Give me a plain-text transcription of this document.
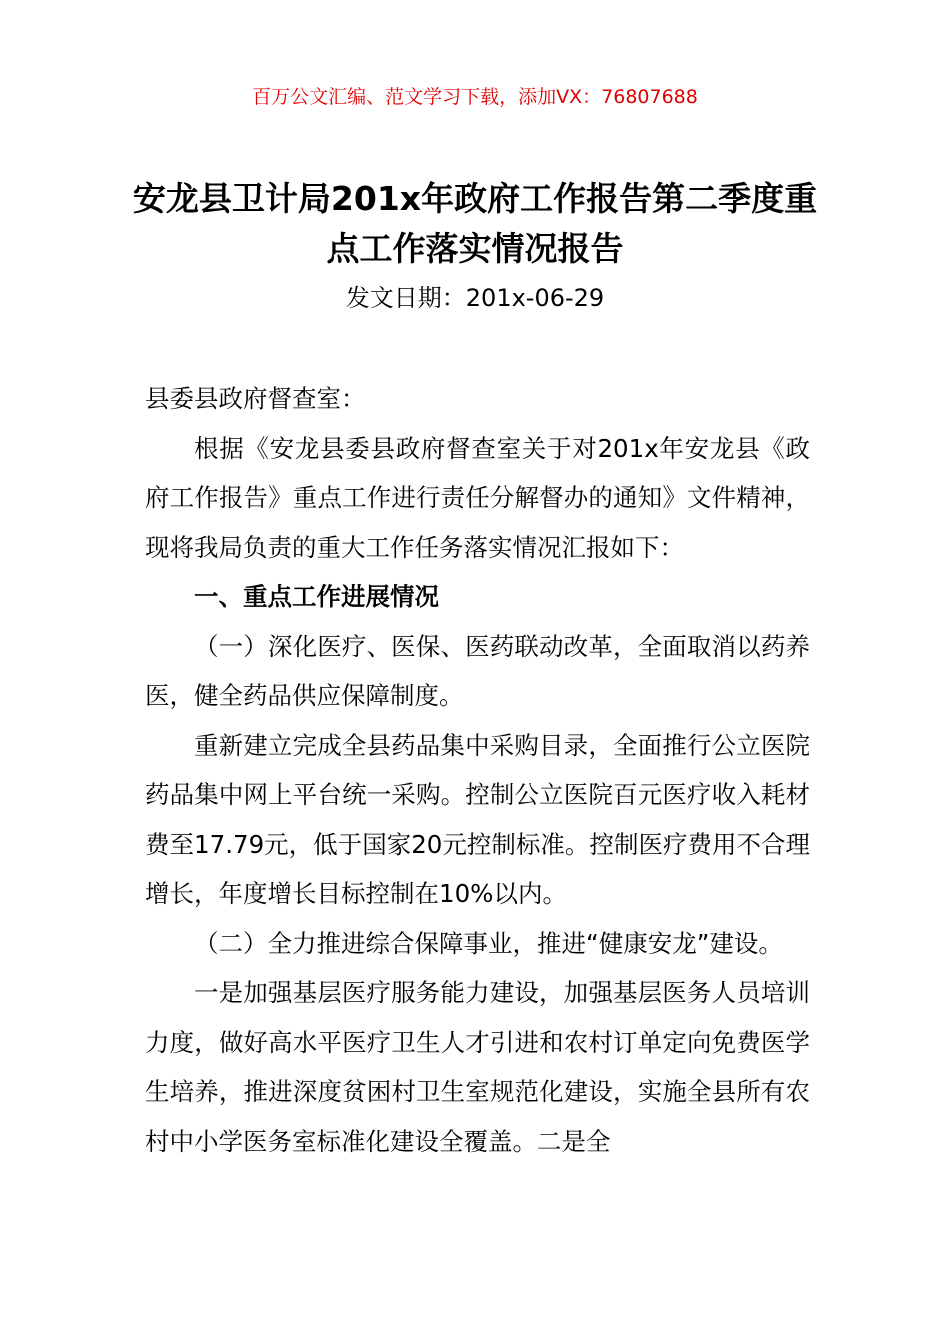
百万公文汇编、范文学习下载，添加VX：76807688
安龙县卫计局201x年政府工作报告第二季度重点工作落实情况报告
发文日期：201x-06-29

县委县政府督查室：

根据《安龙县委县政府督查室关于对201x年安龙县《政府工作报告》重点工作进行责任分解督办的通知》文件精神，现将我局负责的重大工作任务落实情况汇报如下：

一、重点工作进展情况

（一）深化医疗、医保、医药联动改革，全面取消以药养医，健全药品供应保障制度。

重新建立完成全县药品集中采购目录，全面推行公立医院药品集中网上平台统一采购。控制公立医院百元医疗收入耗材费至17.79元，低于国家20元控制标准。控制医疗费用不合理增长，年度增长目标控制在10%以内。

（二）全力推进综合保障事业，推进“健康安龙”建设。

一是加强基层医疗服务能力建设，加强基层医务人员培训力度，做好高水平医疗卫生人才引进和农村订单定向免费医学生培养，推进深度贫困村卫生室规范化建设，实施全县所有农村中小学医务室标准化建设全覆盖。二是全
